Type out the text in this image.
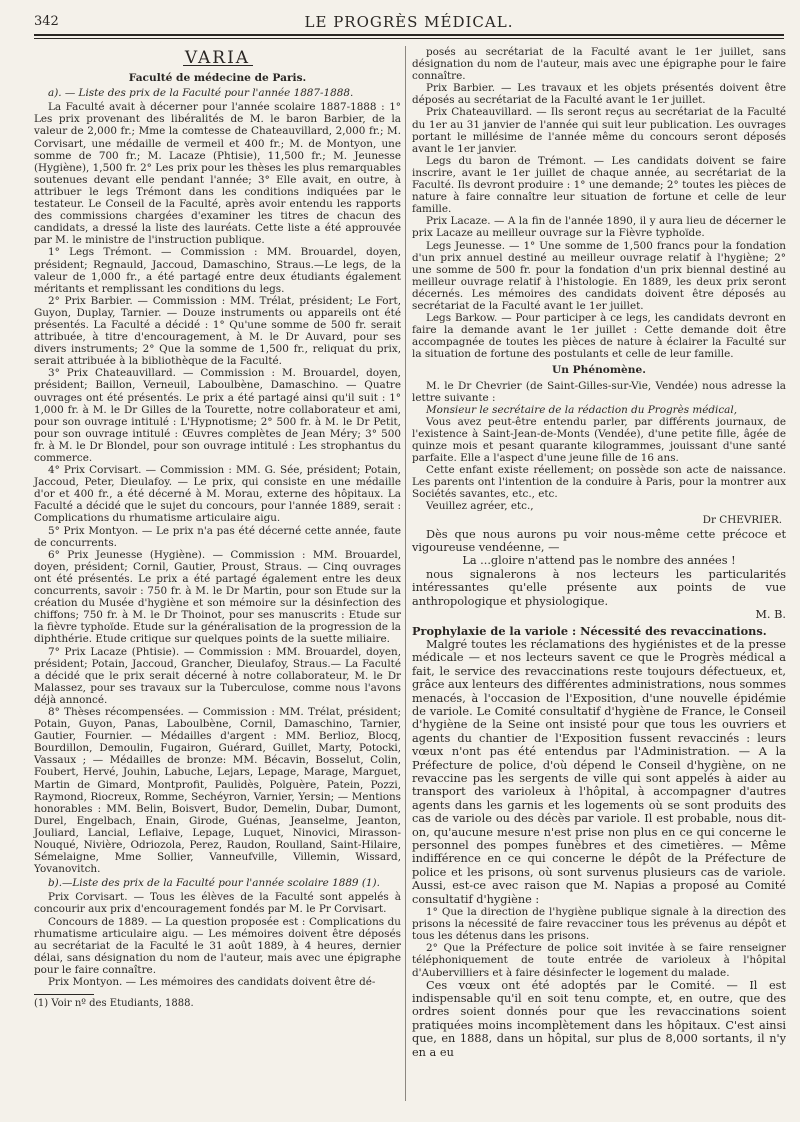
342	LE PROGRÈS MÉDICAL.
VARIA
Faculté de médecine de Paris.

a). — Liste des prix de la Faculté pour l'année 1887-1888.

La Faculté avait à décerner pour l'année scolaire 1887-1888 : 1° Les prix provenant des libéralités de M. le baron Barbier, de la valeur de 2,000 fr.; Mme la comtesse de Chateauvillard, 2,000 fr.; M. Corvisart, une médaille de vermeil et 400 fr.; M. de Montyon, une somme de 700 fr.; M. Lacaze (Phtisie), 11,500 fr.; M. Jeunesse (Hygiène), 1,500 fr. 2° Les prix pour les thèses les plus remarquables soutenues devant elle pendant l'année; 3° Elle avait, en outre, à attribuer le legs Trémont dans les conditions indiquées par le testateur. Le Conseil de la Faculté, après avoir entendu les rapports des commissions chargées d'examiner les titres de chacun des candidats, a dressé la liste des lauréats. Cette liste a été approuvée par M. le ministre de l'instruction publique.

1° Legs Trémont. — Commission : MM. Brouardel, doyen, président; Regnauld, Jaccoud, Damaschino, Straus.—Le legs, de la valeur de 1,000 fr., a été partagé entre deux étudiants également méritants et remplissant les conditions du legs.

2° Prix Barbier. — Commission : MM. Trélat, président; Le Fort, Guyon, Duplay, Tarnier. — Douze instruments ou appareils ont été présentés. La Faculté a décidé : 1° Qu'une somme de 500 fr. serait attribuée, à titre d'encouragement, à M. le Dr Auvard, pour ses divers instruments; 2° Que la somme de 1,500 fr., reliquat du prix, serait attribuée à la bibliothèque de la Faculté.

3° Prix Chateauvillard. — Commission : M. Brouardel, doyen, président; Baillon, Verneuil, Laboulbène, Damaschino. — Quatre ouvrages ont été présentés. Le prix a été partagé ainsi qu'il suit : 1° 1,000 fr. à M. le Dr Gilles de la Tourette, notre collaborateur et ami, pour son ouvrage intitulé : L'Hypnotisme; 2° 500 fr. à M. le Dr Petit, pour son ouvrage intitulé : Œuvres complètes de Jean Méry; 3° 500 fr. à M. le Dr Blondel, pour son ouvrage intitulé : Les strophantus du commerce.

4° Prix Corvisart. — Commission : MM. G. Sée, président; Potain, Jaccoud, Peter, Dieulafoy. — Le prix, qui consiste en une médaille d'or et 400 fr., a été décerné à M. Morau, externe des hôpitaux. La Faculté a décidé que le sujet du concours, pour l'année 1889, serait : Complications du rhumatisme articulaire aigu.

5° Prix Montyon. — Le prix n'a pas été décerné cette année, faute de concurrents.

6° Prix Jeunesse (Hygiène). — Commission : MM. Brouardel, doyen, président; Cornil, Gautier, Proust, Straus. — Cinq ouvrages ont été présentés. Le prix a été partagé également entre les deux concurrents, savoir : 750 fr. à M. le Dr Martin, pour son Etude sur la création du Musée d'hygiène et son mémoire sur la désinfection des chiffons; 750 fr. à M. le Dr Thoinot, pour ses manuscrits : Etude sur la fièvre typhoïde. Etude sur la généralisation de la progression de la diphthérie. Etude critique sur quelques points de la suette miliaire.

7° Prix Lacaze (Phtisie). — Commission : MM. Brouardel, doyen, président; Potain, Jaccoud, Grancher, Dieulafoy, Straus.— La Faculté a décidé que le prix serait décerné à notre collaborateur, M. le Dr Malassez, pour ses travaux sur la Tuberculose, comme nous l'avons déjà annoncé.

8° Thèses récompensées. — Commission : MM. Trélat, président; Potain, Guyon, Panas, Laboulbène, Cornil, Damaschino, Tarnier, Gautier, Fournier. — Médailles d'argent : MM. Berlioz, Blocq, Bourdillon, Demoulin, Fugairon, Guérard, Guillet, Marty, Potocki, Vassaux ; — Médailles de bronze: MM. Bécavin, Bosselut, Colin, Foubert, Hervé, Jouhin, Labuche, Lejars, Lepage, Marage, Marguet, Martin de Gimard, Montprofit, Paulidès, Polguère, Patein, Pozzi, Raymond, Riocreux, Romme, Sechéyron, Varnier, Yersin; — Mentions honorables : MM. Belin, Boisvert, Budor, Demelin, Dubar, Dumont, Durel, Engelbach, Enain, Girode, Guénas, Jeanselme, Jeanton, Jouliard, Lancial, Leflaive, Lepage, Luquet, Ninovici, Mirasson-Nouqué, Nivière, Odriozola, Perez, Raudon, Roulland, Saint-Hilaire, Sémelaigne, Mme Sollier, Vanneufville, Villemin, Wissard, Yovanovitch.

b).—Liste des prix de la Faculté pour l'année scolaire 1889 (1).

Prix Corvisart. — Tous les élèves de la Faculté sont appelés à concourir aux prix d'encouragement fondés par M. le Pr Corvisart.

Concours de 1889. — La question proposée est : Complications du rhumatisme articulaire aigu. — Les mémoires doivent être déposés au secrétariat de la Faculté le 31 août 1889, à 4 heures, dernier délai, sans désignation du nom de l'auteur, mais avec une épigraphe pour le faire connaître.

Prix Montyon. — Les mémoires des candidats doivent être dé-

(1) Voir nº des Etudiants, 1888.

posés au secrétariat de la Faculté avant le 1er juillet, sans désignation du nom de l'auteur, mais avec une épigraphe pour le faire connaître.

Prix Barbier. — Les travaux et les objets présentés doivent être déposés au secrétariat de la Faculté avant le 1er juillet.

Prix Chateauvillard. — Ils seront reçus au secrétariat de la Faculté du 1er au 31 janvier de l'année qui suit leur publication. Les ouvrages portant le millésime de l'année même du concours seront déposés avant le 1er janvier.

Legs du baron de Trémont. — Les candidats doivent se faire inscrire, avant le 1er juillet de chaque année, au secrétariat de la Faculté. Ils devront produire : 1° une demande; 2° toutes les pièces de nature à faire connaître leur situation de fortune et celle de leur famille.

Prix Lacaze. — A la fin de l'année 1890, il y aura lieu de décerner le prix Lacaze au meilleur ouvrage sur la Fièvre typhoïde.

Legs Jeunesse. — 1° Une somme de 1,500 francs pour la fondation d'un prix annuel destiné au meilleur ouvrage relatif à l'hygiène; 2° une somme de 500 fr. pour la fondation d'un prix biennal destiné au meilleur ouvrage relatif à l'histologie. En 1889, les deux prix seront décernés. Les mémoires des candidats doivent être déposés au secrétariat de la Faculté avant le 1er juillet.

Legs Barkow. — Pour participer à ce legs, les candidats devront en faire la demande avant le 1er juillet : Cette demande doit être accompagnée de toutes les pièces de nature à éclairer la Faculté sur la situation de fortune des postulants et celle de leur famille.

Un Phénomène.

M. le Dr Chevrier (de Saint-Gilles-sur-Vie, Vendée) nous adresse la lettre suivante :

Monsieur le secrétaire de la rédaction du Progrès médical,

Vous avez peut-être entendu parler, par différents journaux, de l'existence à Saint-Jean-de-Monts (Vendée), d'une petite fille, âgée de quinze mois et pesant quarante kilogrammes, jouissant d'une santé parfaite. Elle a l'aspect d'une jeune fille de 16 ans.

Cette enfant existe réellement; on possède son acte de naissance. Les parents ont l'intention de la conduire à Paris, pour la montrer aux Sociétés savantes, etc., etc.

Veuillez agréer, etc.,

Dr CHEVRIER.

Dès que nous aurons pu voir nous-même cette précoce et vigoureuse vendéenne, —

La ...gloire n'attend pas le nombre des années !

nous signalerons à nos lecteurs les particularités intéressantes qu'elle présente aux points de vue anthropologique et physiologique.

M. B.

Prophylaxie de la variole : Nécessité des revaccinations.

Malgré toutes les réclamations des hygiénistes et de la presse médicale — et nos lecteurs savent ce que le Progrès médical a fait, le service des revaccinations reste toujours défectueux, et, grâce aux lenteurs des différentes administrations, nous sommes menacés, à l'occasion de l'Exposition, d'une nouvelle épidémie de variole. Le Comité consultatif d'hygiène de France, le Conseil d'hygiène de la Seine ont insisté pour que tous les ouvriers et agents du chantier de l'Exposition fussent revaccinés : leurs vœux n'ont pas été entendus par l'Administration. — A la Préfecture de police, d'où dépend le Conseil d'hygiène, on ne revaccine pas les sergents de ville qui sont appelés à aider au transport des varioleux à l'hôpital, à accompagner d'autres agents dans les garnis et les logements où se sont produits des cas de variole ou des décès par variole. Il est probable, nous dit-on, qu'aucune mesure n'est prise non plus en ce qui concerne le personnel des pompes funèbres et des cimetières. — Même indifférence en ce qui concerne le dépôt de la Préfecture de police et les prisons, où sont survenus plusieurs cas de variole. Aussi, est-ce avec raison que M. Napias a proposé au Comité consultatif d'hygiène :

1° Que la direction de l'hygiène publique signale à la direction des prisons la nécessité de faire revacciner tous les prévenus au dépôt et tous les détenus dans les prisons.

2° Que la Préfecture de police soit invitée à se faire renseigner téléphoniquement de toute entrée de varioleux à l'hôpital d'Aubervilliers et à faire désinfecter le logement du malade.

Ces vœux ont été adoptés par le Comité. — Il est indispensable qu'il en soit tenu compte, et, en outre, que des ordres soient donnés pour que les revaccinations soient pratiquées moins incomplètement dans les hôpitaux. C'est ainsi que, en 1888, dans un hôpital, sur plus de 8,000 sortants, il n'y en a eu
